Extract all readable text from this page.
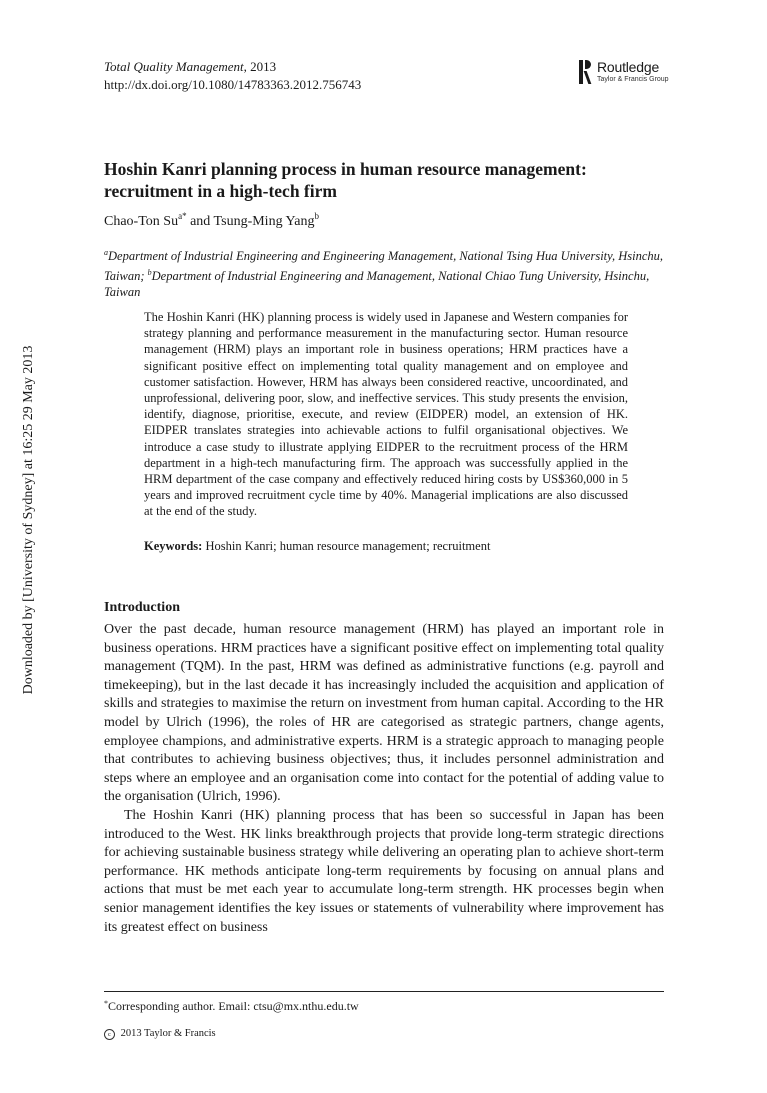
Total Quality Management, 2013
http://dx.doi.org/10.1080/14783363.2012.756743
Routledge
Taylor & Francis Group
Hoshin Kanri planning process in human resource management:
recruitment in a high-tech firm
Chao-Ton $Su^{a*}$ and Tsung-Ming Yang$^b$
$^a$Department of Industrial Engineering and Engineering Management, National Tsing Hua University, Hsinchu, Taiwan; $^b$Department of Industrial Engineering and Management, National Chiao Tung University, Hsinchu, Taiwan
The Hoshin Kanri (HK) planning process is widely used in Japanese and Western companies for strategy planning and performance measurement in the manufacturing sector. Human resource management (HRM) plays an important role in business operations; HRM practices have a significant positive effect on implementing total quality management and on employee and customer satisfaction. However, HRM has always been considered reactive, uncoordinated, and unprofessional, delivering poor, slow, and ineffective services. This study presents the envision, identify, diagnose, prioritise, execute, and review (EIDPER) model, an extension of HK. EIDPER translates strategies into achievable actions to fulfil organisational objectives. We introduce a case study to illustrate applying EIDPER to the recruitment process of the HRM department in a high-tech manufacturing firm. The approach was successfully applied in the HRM department of the case company and effectively reduced hiring costs by US$360,000 in 5 years and improved recruitment cycle time by 40%. Managerial implications are also discussed at the end of the study.
Keywords: Hoshin Kanri; human resource management; recruitment
Introduction

Over the past decade, human resource management (HRM) has played an important role in business operations. HRM practices have a significant positive effect on implementing total quality management (TQM). In the past, HRM was defined as administrative functions (e.g. payroll and timekeeping), but in the last decade it has increasingly included the acquisition and application of skills and strategies to maximise the return on investment from human capital. According to the HR model by Ulrich (1996), the roles of HR are categorised as strategic partners, change agents, employee champions, and administrative experts. HRM is a strategic approach to managing people that contributes to achieving business objectives; thus, it includes personnel administration and steps where an employee and an organisation come into contact for the potential of adding value to the organisation (Ulrich, 1996).

The Hoshin Kanri (HK) planning process that has been so successful in Japan has been introduced to the West. HK links breakthrough projects that provide long-term strategic directions for achieving sustainable business strategy while delivering an operating plan to achieve short-term performance. HK methods anticipate long-term requirements by focusing on annual plans and actions that must be met each year to accumulate long-term strength. HK processes begin when senior management identifies the key issues or statements of vulnerability where improvement has its greatest effect on business

*Corresponding author. Email: ctsu@mx.nthu.edu.tw
c 2013 Taylor & Francis
Downloaded by [University of Sydney] at 16:25 29 May 2013
